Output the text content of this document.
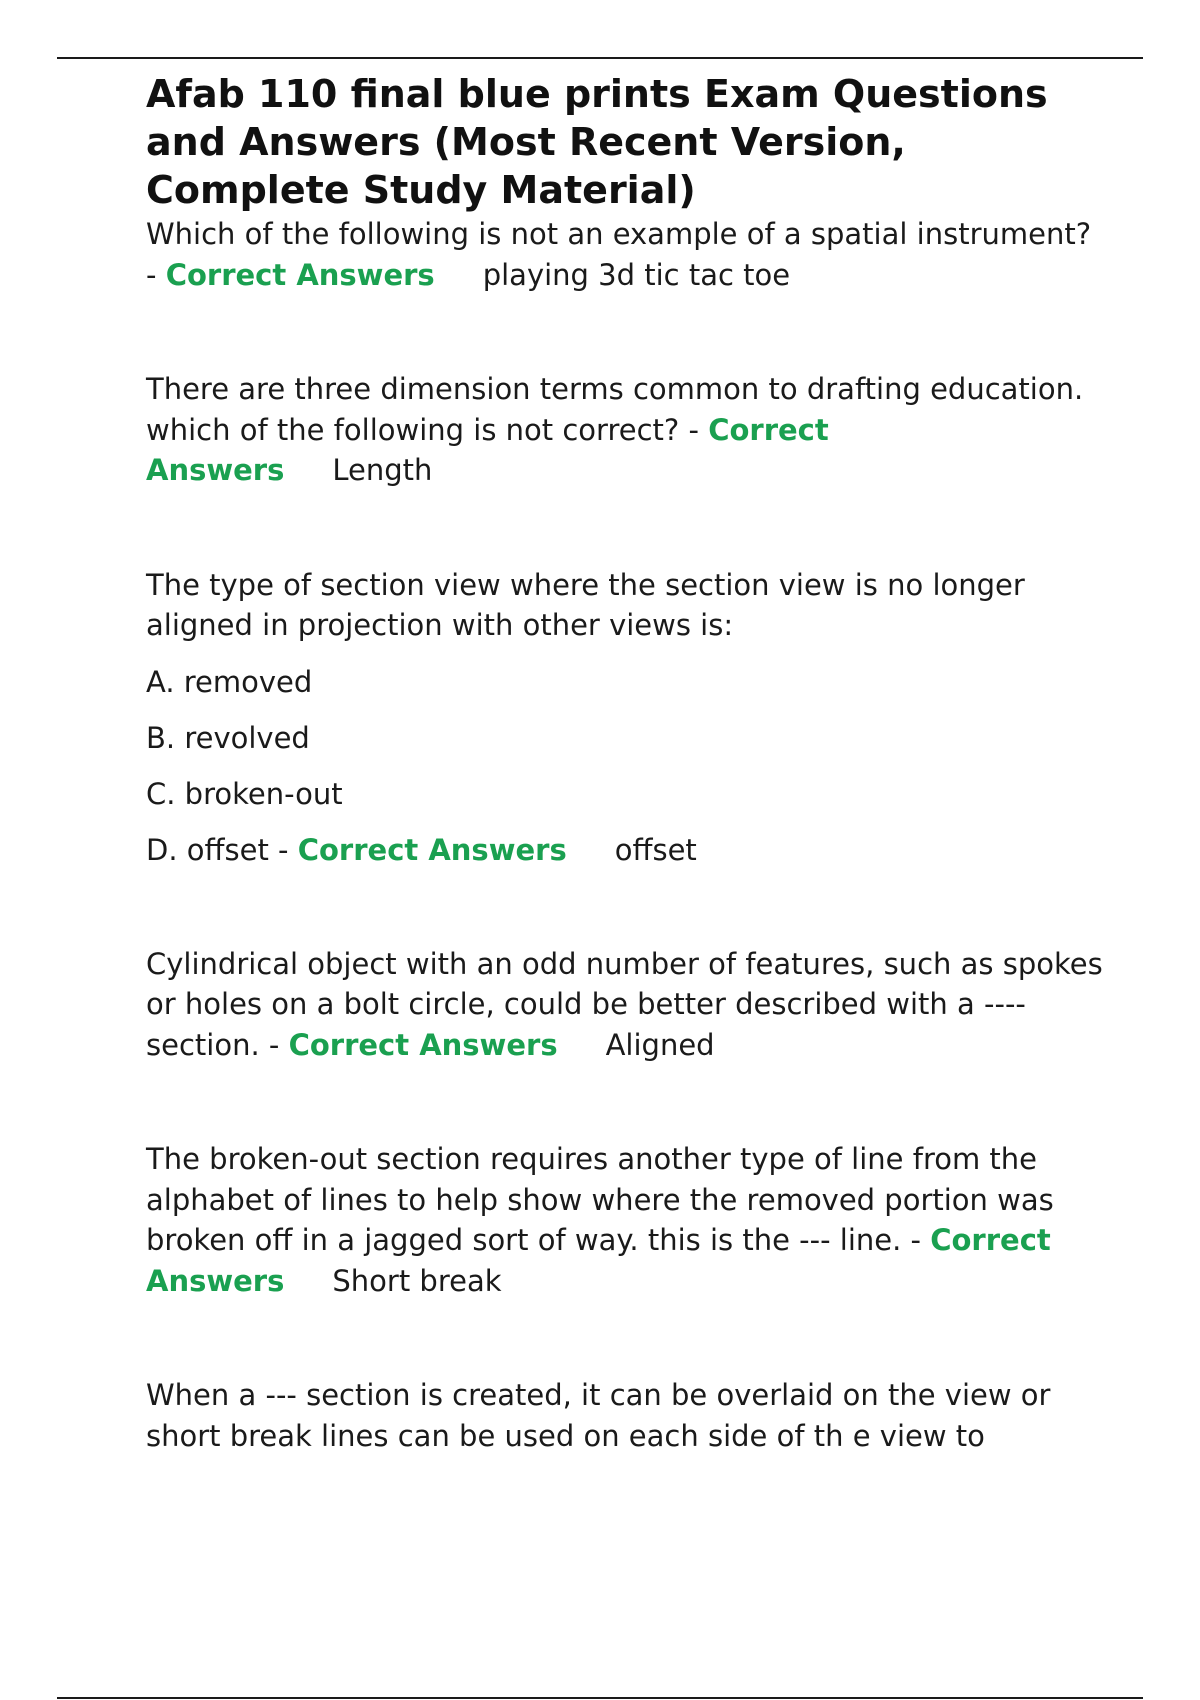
Afab 110 final blue prints Exam Questions and Answers (Most Recent Version, Complete Study Material)

Which of the following is not an example of a spatial instrument? - Correct Answers playing 3d tic tac toe

There are three dimension terms common to drafting education. which of the following is not correct? - Correct Answers Length

The type of section view where the section view is no longer aligned in projection with other views is:

A. removed

B. revolved

C. broken-out

D. offset - Correct Answers offset

Cylindrical object with an odd number of features, such as spokes or holes on a bolt circle, could be better described with a ---- section. - Correct Answers Aligned

The broken-out section requires another type of line from the alphabet of lines to help show where the removed portion was broken off in a jagged sort of way. this is the --- line. - Correct Answers Short break

When a --- section is created, it can be overlaid on the view or short break lines can be used on each side of th e view to
